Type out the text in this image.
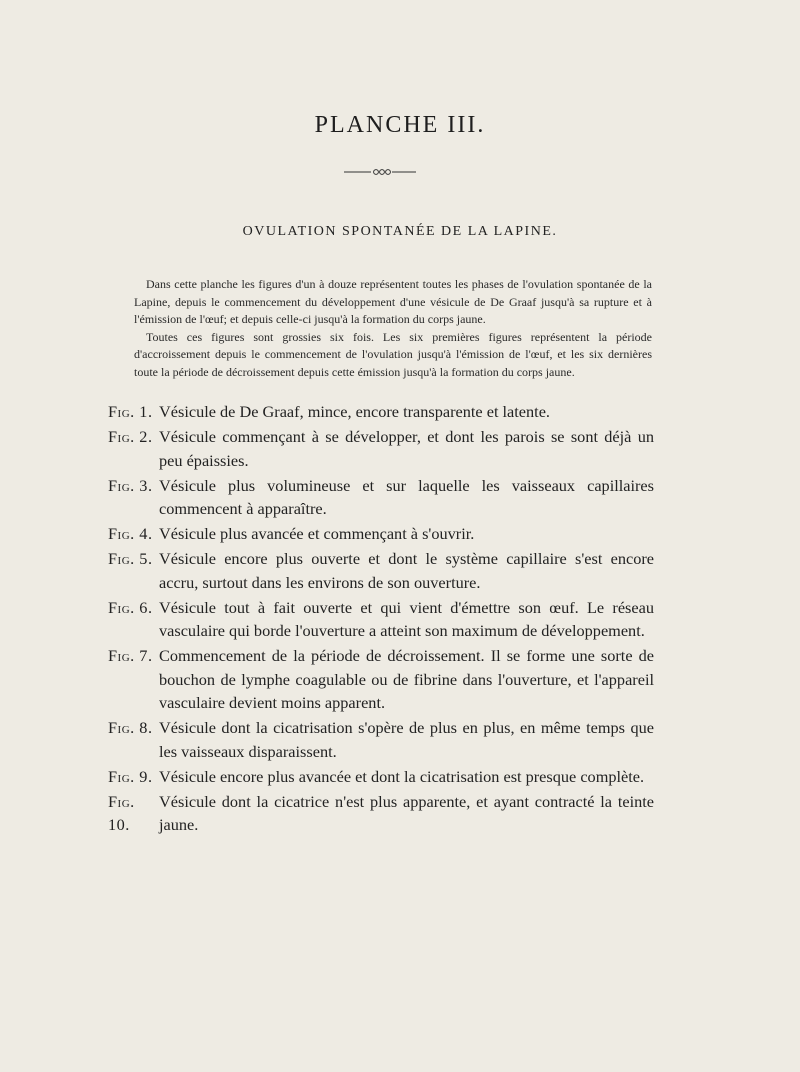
PLANCHE III.
OVULATION SPONTANÉE DE LA LAPINE.

Dans cette planche les figures d'un à douze représentent toutes les phases de l'ovulation spontanée de la Lapine, depuis le commencement du développement d'une vésicule de De Graaf jusqu'à sa rupture et à l'émission de l'œuf; et depuis celle-ci jusqu'à la formation du corps jaune.

Toutes ces figures sont grossies six fois. Les six premières figures représentent la période d'accroissement depuis le commencement de l'ovulation jusqu'à l'émission de l'œuf, et les six dernières toute la période de décroissement depuis cette émission jusqu'à la formation du corps jaune.

Fig. 1. Vésicule de De Graaf, mince, encore transparente et latente.
Fig. 2. Vésicule commençant à se développer, et dont les parois se sont déjà un peu épaissies.
Fig. 3. Vésicule plus volumineuse et sur laquelle les vaisseaux capillaires commencent à apparaître.
Fig. 4. Vésicule plus avancée et commençant à s'ouvrir.
Fig. 5. Vésicule encore plus ouverte et dont le système capillaire s'est encore accru, surtout dans les environs de son ouverture.
Fig. 6. Vésicule tout à fait ouverte et qui vient d'émettre son œuf. Le réseau vasculaire qui borde l'ouverture a atteint son maximum de développement.
Fig. 7. Commencement de la période de décroissement. Il se forme une sorte de bouchon de lymphe coagulable ou de fibrine dans l'ouverture, et l'appareil vasculaire devient moins apparent.
Fig. 8. Vésicule dont la cicatrisation s'opère de plus en plus, en même temps que les vaisseaux disparaissent.
Fig. 9. Vésicule encore plus avancée et dont la cicatrisation est presque complète.
Fig. 10.
Vésicule dont la cicatrice n'est plus apparente, et ayant contracté la teinte jaune.
